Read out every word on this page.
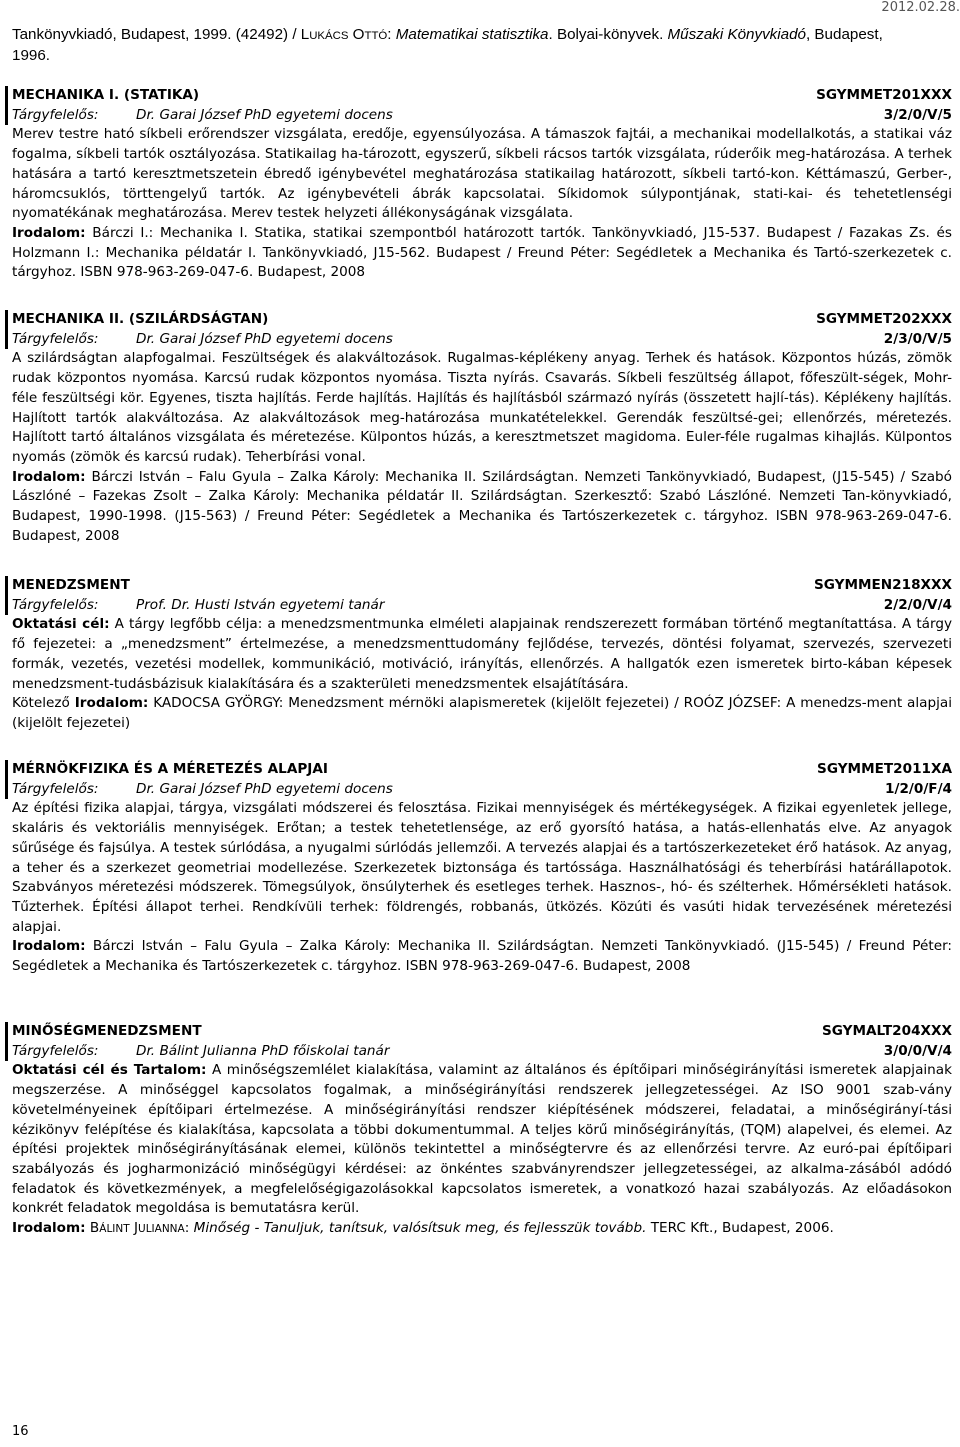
2012.02.28.
Tankönyvkiadó, Budapest, 1999. (42492) / LUKÁCS OTTÓ: Matematikai statisztika. Bolyai-könyvek. Műszaki Könyvkiadó, Budapest,
1996.
MECHANIKA I. (STATIKA)	SGYMMET201XXX
Tárgyfelelős:	Dr. Garai József PhD egyetemi docens	3/2/0/V/5
Merev testre ható síkbeli erőrendszer vizsgálata, eredője, egyensúlyozása. A támaszok fajtái, a mechanikai modellalkotás, a statikai váz fogalma, síkbeli tartók osztályozása. Statikailag ha-tározott, egyszerű, síkbeli rácsos tartók vizsgálata, rúderőik meg-határozása. A terhek hatására a tartó keresztmetszetein ébredő igénybevétel meghatározása statikailag határozott, síkbeli tartó-kon. Kéttámaszú, Gerber-, háromcsuklós, törttengelyű tartók. Az igénybevételi ábrák kapcsolatai. Síkidomok súlypontjának, stati-kai- és tehetetlenségi nyomatékának meghatározása. Merev testek helyzeti állékonyságának vizsgálata.
Irodalom: Bárczi I.: Mechanika I. Statika, statikai szempontból határozott tartók. Tankönyvkiadó, J15-537. Budapest / Fazakas Zs. és Holzmann I.: Mechanika példatár I. Tankönyvkiadó, J15-562. Budapest / Freund Péter: Segédletek a Mechanika és Tartó-szerkezetek c. tárgyhoz. ISBN 978-963-269-047-6. Budapest, 2008
MECHANIKA II. (SZILÁRDSÁGTAN)	SGYMMET202XXX
Tárgyfelelős:	Dr. Garai József PhD egyetemi docens	2/3/0/V/5
A szilárdságtan alapfogalmai. Feszültségek és alakváltozások. Rugalmas-képlékeny anyag. Terhek és hatások. Központos húzás, zömök rudak központos nyomása. Karcsú rudak központos nyomása. Tiszta nyírás. Csavarás. Síkbeli feszültség állapot, főfeszült-ségek, Mohr-féle feszültségi kör. Egyenes, tiszta hajlítás. Ferde hajlítás. Hajlítás és hajlításból származó nyírás (összetett hajlí-tás). Képlékeny hajlítás. Hajlított tartók alakváltozása. Az alakváltozások meg-határozása munkatételekkel. Gerendák feszültsé-gei; ellenőrzés, méretezés. Hajlított tartó általános vizsgálata és méretezése. Külpontos húzás, a keresztmetszet magidoma. Euler-féle rugalmas kihajlás. Külpontos nyomás (zömök és karcsú rudak). Teherbírási vonal.
Irodalom: Bárczi István – Falu Gyula – Zalka Károly: Mechanika II. Szilárdságtan. Nemzeti Tankönyvkiadó, Budapest, (J15-545) / Szabó Lászlóné – Fazekas Zsolt – Zalka Károly: Mechanika példatár II. Szilárdságtan. Szerkesztő: Szabó Lászlóné. Nemzeti Tan-könyvkiadó, Budapest, 1990-1998. (J15-563) / Freund Péter: Segédletek a Mechanika és Tartószerkezetek c. tárgyhoz. ISBN 978-963-269-047-6. Budapest, 2008
MENEDZSMENT	SGYMMEN218XXX
Tárgyfelelős:	Prof. Dr. Husti István egyetemi tanár	2/2/0/V/4
Oktatási cél: A tárgy legfőbb célja: a menedzsmentmunka elméleti alapjainak rendszerezett formában történő megtanítattása. A tárgy fő fejezetei: a „menedzsment” értelmezése, a menedzsmenttudomány fejlődése, tervezés, döntési folyamat, szervezés, szervezeti formák, vezetés, vezetési modellek, kommunikáció, motiváció, irányítás, ellenőrzés. A hallgatók ezen ismeretek birto-kában képesek menedzsment-tudásbázisuk kialakítására és a szakterületi menedzsmentek elsajátítására.
Kötelező Irodalom: KADOCSA GYÖRGY: Menedzsment mérnöki alapismeretek (kijelölt fejezetei) / ROÓZ JÓZSEF: A menedzs-ment alapjai (kijelölt fejezetei)
MÉRNÖKFIZIKA ÉS A MÉRETEZÉS ALAPJAI	SGYMMET2011XA
Tárgyfelelős:	Dr. Garai József PhD egyetemi docens	1/2/0/F/4
Az építési fizika alapjai, tárgya, vizsgálati módszerei és felosztása. Fizikai mennyiségek és mértékegységek. A fizikai egyenletek jellege, skaláris és vektoriális mennyiségek. Erőtan; a testek tehetetlensége, az erő gyorsító hatása, a hatás-ellenhatás elve. Az anyagok sűrűsége és fajsúlya. A testek súrlódása, a nyugalmi súrlódás jellemzői. A tervezés alapjai és a tartószerkezeteket érő hatások. Az anyag, a teher és a szerkezet geometriai modellezése. Szerkezetek biztonsága és tartóssága. Használhatósági és teherbírási határállapotok. Szabványos méretezési módszerek. Tömegsúlyok, önsúlyterhek és esetleges terhek. Hasznos-, hó- és szélterhek. Hőmérsékleti hatások. Tűzterhek. Építési állapot terhei. Rendkívüli terhek: földrengés, robbanás, ütközés. Közúti és vasúti hidak tervezésének méretezési alapjai.
Irodalom: Bárczi István – Falu Gyula – Zalka Károly: Mechanika II. Szilárdságtan. Nemzeti Tankönyvkiadó. (J15-545) / Freund Péter: Segédletek a Mechanika és Tartószerkezetek c. tárgyhoz. ISBN 978-963-269-047-6. Budapest, 2008
MINŐSÉGMENEDZSMENT	SGYMALT204XXX
Tárgyfelelős:	Dr. Bálint Julianna PhD főiskolai tanár	3/0/0/V/4
Oktatási cél és Tartalom: A minőségszemlélet kialakítása, valamint az általános és építőipari minőségirányítási ismeretek alapjainak megszerzése. A minőséggel kapcsolatos fogalmak, a minőségirányítási rendszerek jellegzetességei. Az ISO 9001 szab-vány követelményeinek építőipari értelmezése. A minőségirányítási rendszer kiépítésének módszerei, feladatai, a minőségirányí-tási kézikönyv felépítése és kialakítása, kapcsolata a többi dokumentummal. A teljes körű minőségirányítás, (TQM) alapelvei, és elemei. Az építési projektek minőségirányításának elemei, különös tekintettel a minőségtervre és az ellenőrzési tervre. Az euró-pai építőipari szabályozás és jogharmonizáció minőségügyi kérdései: az önkéntes szabványrendszer jellegzetességei, az alkalma-zásából adódó feladatok és következmények, a megfelelőségigazolásokkal kapcsolatos ismeretek, a vonatkozó hazai szabályozás. Az előadásokon konkrét feladatok megoldása is bemutatásra kerül.
Irodalom: BÁLINT JULIANNA: Minőség - Tanuljuk, tanítsuk, valósítsuk meg, és fejlesszük tovább. TERC Kft., Budapest, 2006.
16
